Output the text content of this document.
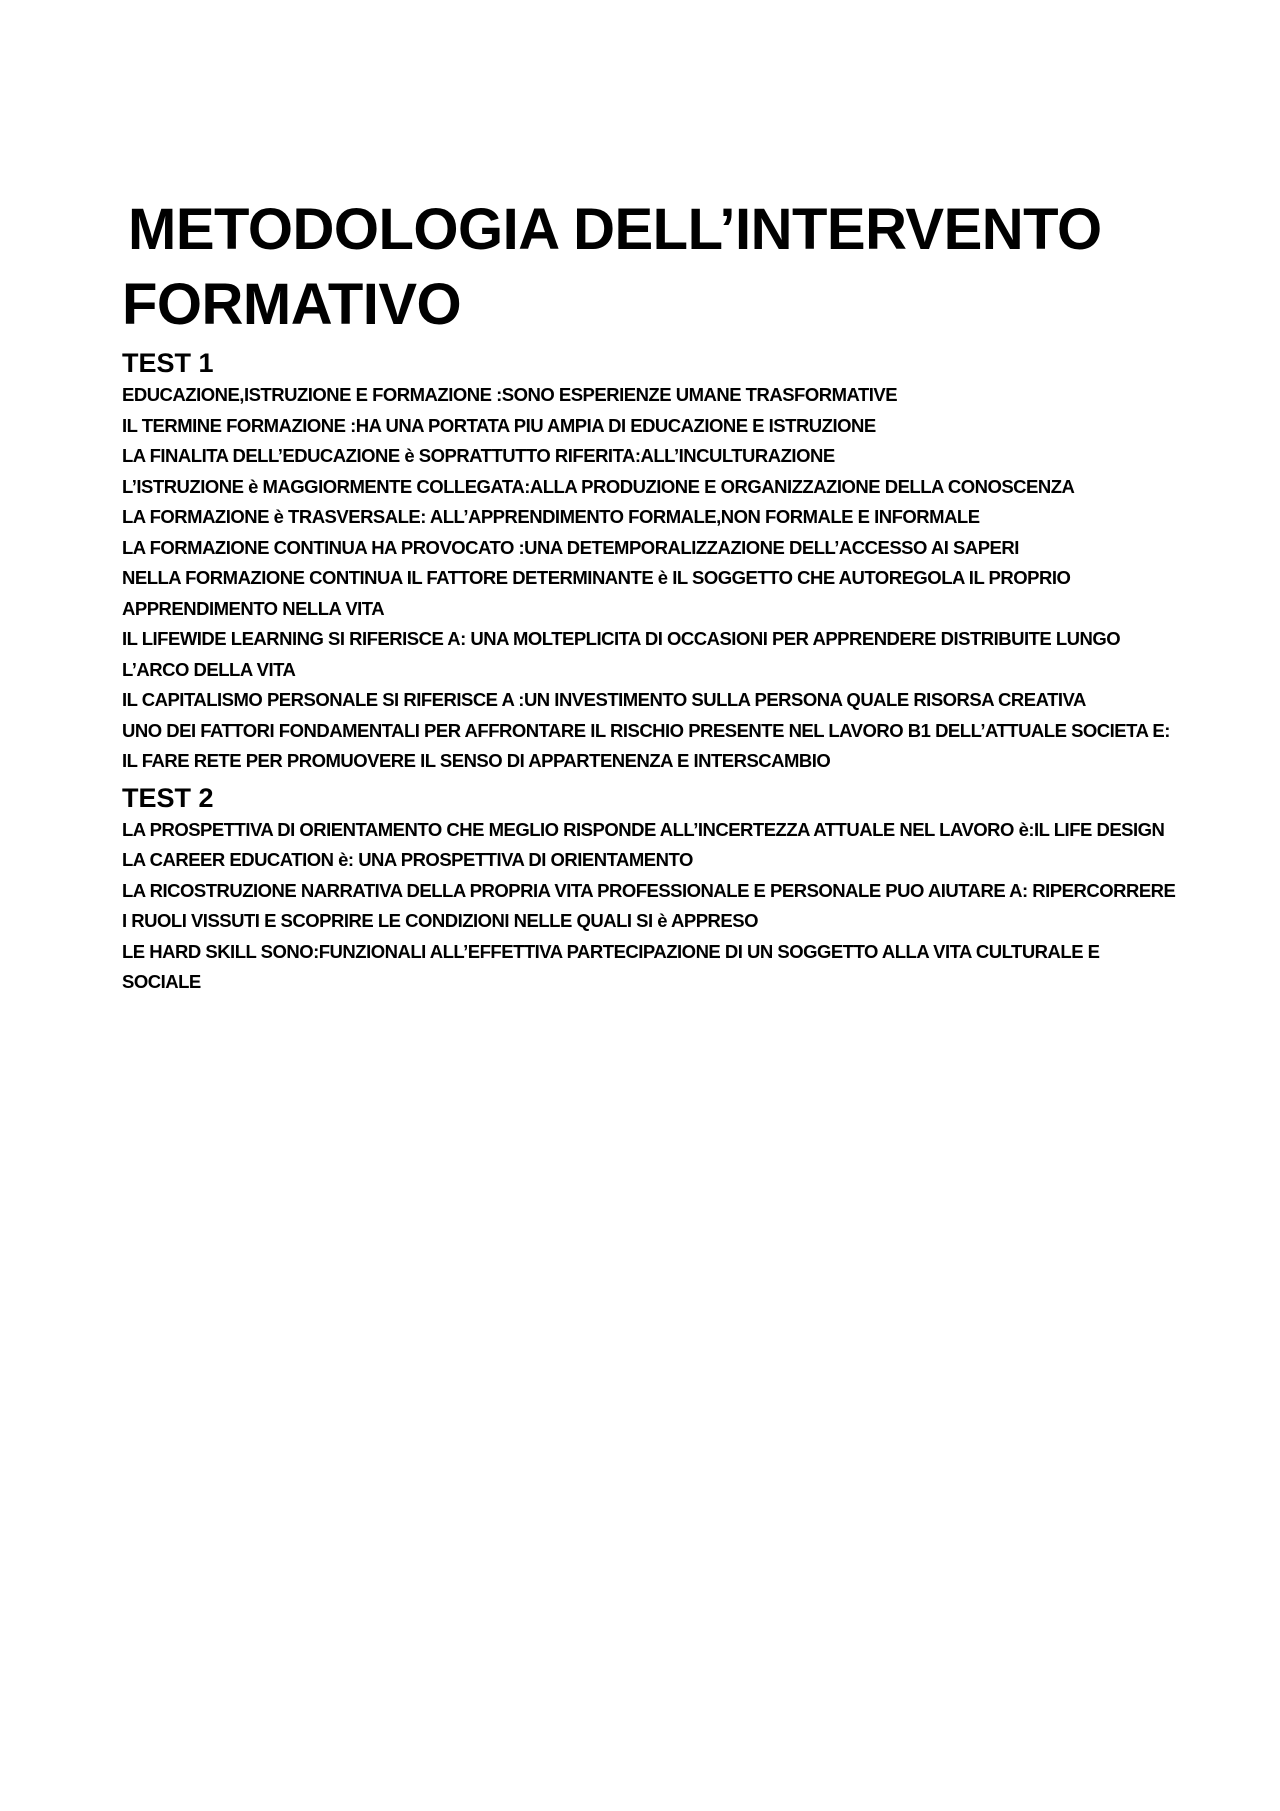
METODOLOGIA DELL’INTERVENTO
FORMATIVO
TEST 1
EDUCAZIONE,ISTRUZIONE E FORMAZIONE :SONO ESPERIENZE UMANE TRASFORMATIVE
IL TERMINE FORMAZIONE :HA UNA PORTATA PIU AMPIA DI EDUCAZIONE E ISTRUZIONE
LA FINALITA DELL’EDUCAZIONE è SOPRATTUTTO RIFERITA:ALL’INCULTURAZIONE
L’ISTRUZIONE è MAGGIORMENTE COLLEGATA:ALLA PRODUZIONE E ORGANIZZAZIONE DELLA CONOSCENZA
LA FORMAZIONE è TRASVERSALE: ALL’APPRENDIMENTO FORMALE,NON FORMALE E INFORMALE
LA FORMAZIONE CONTINUA HA PROVOCATO :UNA DETEMPORALIZZAZIONE DELL’ACCESSO AI SAPERI
NELLA FORMAZIONE CONTINUA IL FATTORE DETERMINANTE è IL SOGGETTO CHE AUTOREGOLA IL PROPRIO APPRENDIMENTO NELLA VITA
IL LIFEWIDE LEARNING SI RIFERISCE A: UNA MOLTEPLICITA DI OCCASIONI PER APPRENDERE DISTRIBUITE LUNGO L’ARCO DELLA VITA
IL CAPITALISMO PERSONALE SI RIFERISCE A :UN INVESTIMENTO SULLA PERSONA QUALE RISORSA CREATIVA
UNO DEI FATTORI FONDAMENTALI PER AFFRONTARE IL RISCHIO PRESENTE NEL LAVORO B1 DELL’ATTUALE SOCIETA E: IL FARE RETE PER PROMUOVERE IL SENSO DI APPARTENENZA E INTERSCAMBIO
TEST 2
LA PROSPETTIVA DI ORIENTAMENTO CHE MEGLIO RISPONDE ALL’INCERTEZZA ATTUALE NEL LAVORO è:IL LIFE DESIGN
LA CAREER EDUCATION è: UNA PROSPETTIVA DI ORIENTAMENTO
LA RICOSTRUZIONE NARRATIVA DELLA PROPRIA VITA PROFESSIONALE E PERSONALE PUO AIUTARE A: RIPERCORRERE I RUOLI VISSUTI E SCOPRIRE LE CONDIZIONI NELLE QUALI SI è APPRESO
LE HARD SKILL SONO:FUNZIONALI ALL’EFFETTIVA PARTECIPAZIONE DI UN SOGGETTO ALLA VITA CULTURALE E SOCIALE
